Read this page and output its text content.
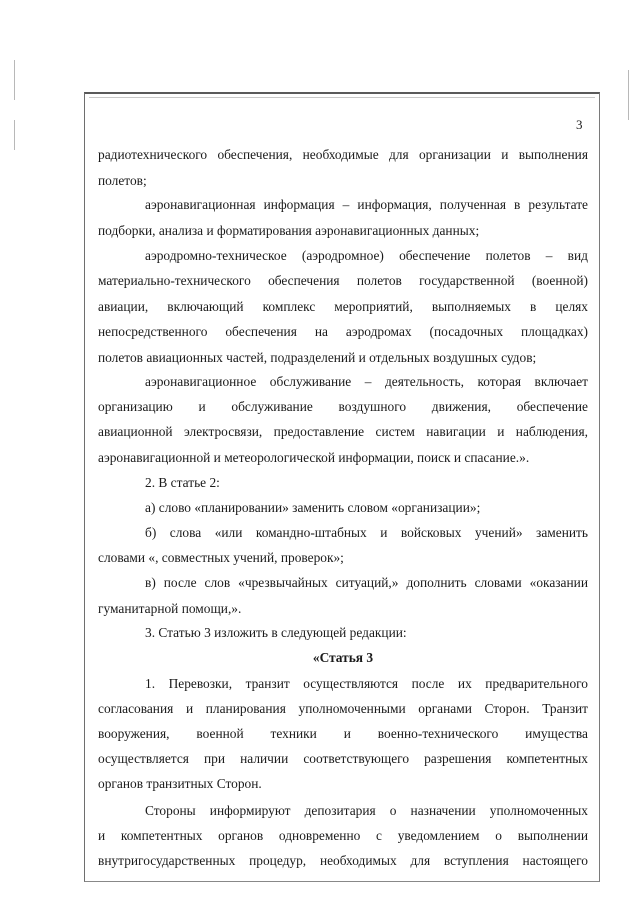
3
радиотехнического обеспечения, необходимые для организации и выполнения
полетов;
аэронавигационная информация – информация, полученная в результате
подборки, анализа и форматирования аэронавигационных данных;
аэродромно-техническое (аэродромное) обеспечение полетов – вид
материально-технического обеспечения полетов государственной (военной)
авиации, включающий комплекс мероприятий, выполняемых в целях
непосредственного обеспечения на аэродромах (посадочных площадках)
полетов авиационных частей, подразделений и отдельных воздушных судов;
аэронавигационное обслуживание – деятельность, которая включает
организацию и обслуживание воздушного движения, обеспечение
авиационной электросвязи, предоставление систем навигации и наблюдения,
аэронавигационной и метеорологической информации, поиск и спасание.».
2. В статье 2:
а) слово «планировании» заменить словом «организации»;
б) слова «или командно-штабных и войсковых учений» заменить
словами «, совместных учений, проверок»;
в) после слов «чрезвычайных ситуаций,» дополнить словами «оказании
гуманитарной помощи,».
3. Статью 3 изложить в следующей редакции:
«Статья 3
1. Перевозки, транзит осуществляются после их предварительного
согласования и планирования уполномоченными органами Сторон. Транзит
вооружения, военной техники и военно-технического имущества
осуществляется при наличии соответствующего разрешения компетентных
органов транзитных Сторон.
Стороны информируют депозитария о назначении уполномоченных
и компетентных органов одновременно с уведомлением о выполнении
внутригосударственных процедур, необходимых для вступления настоящего
